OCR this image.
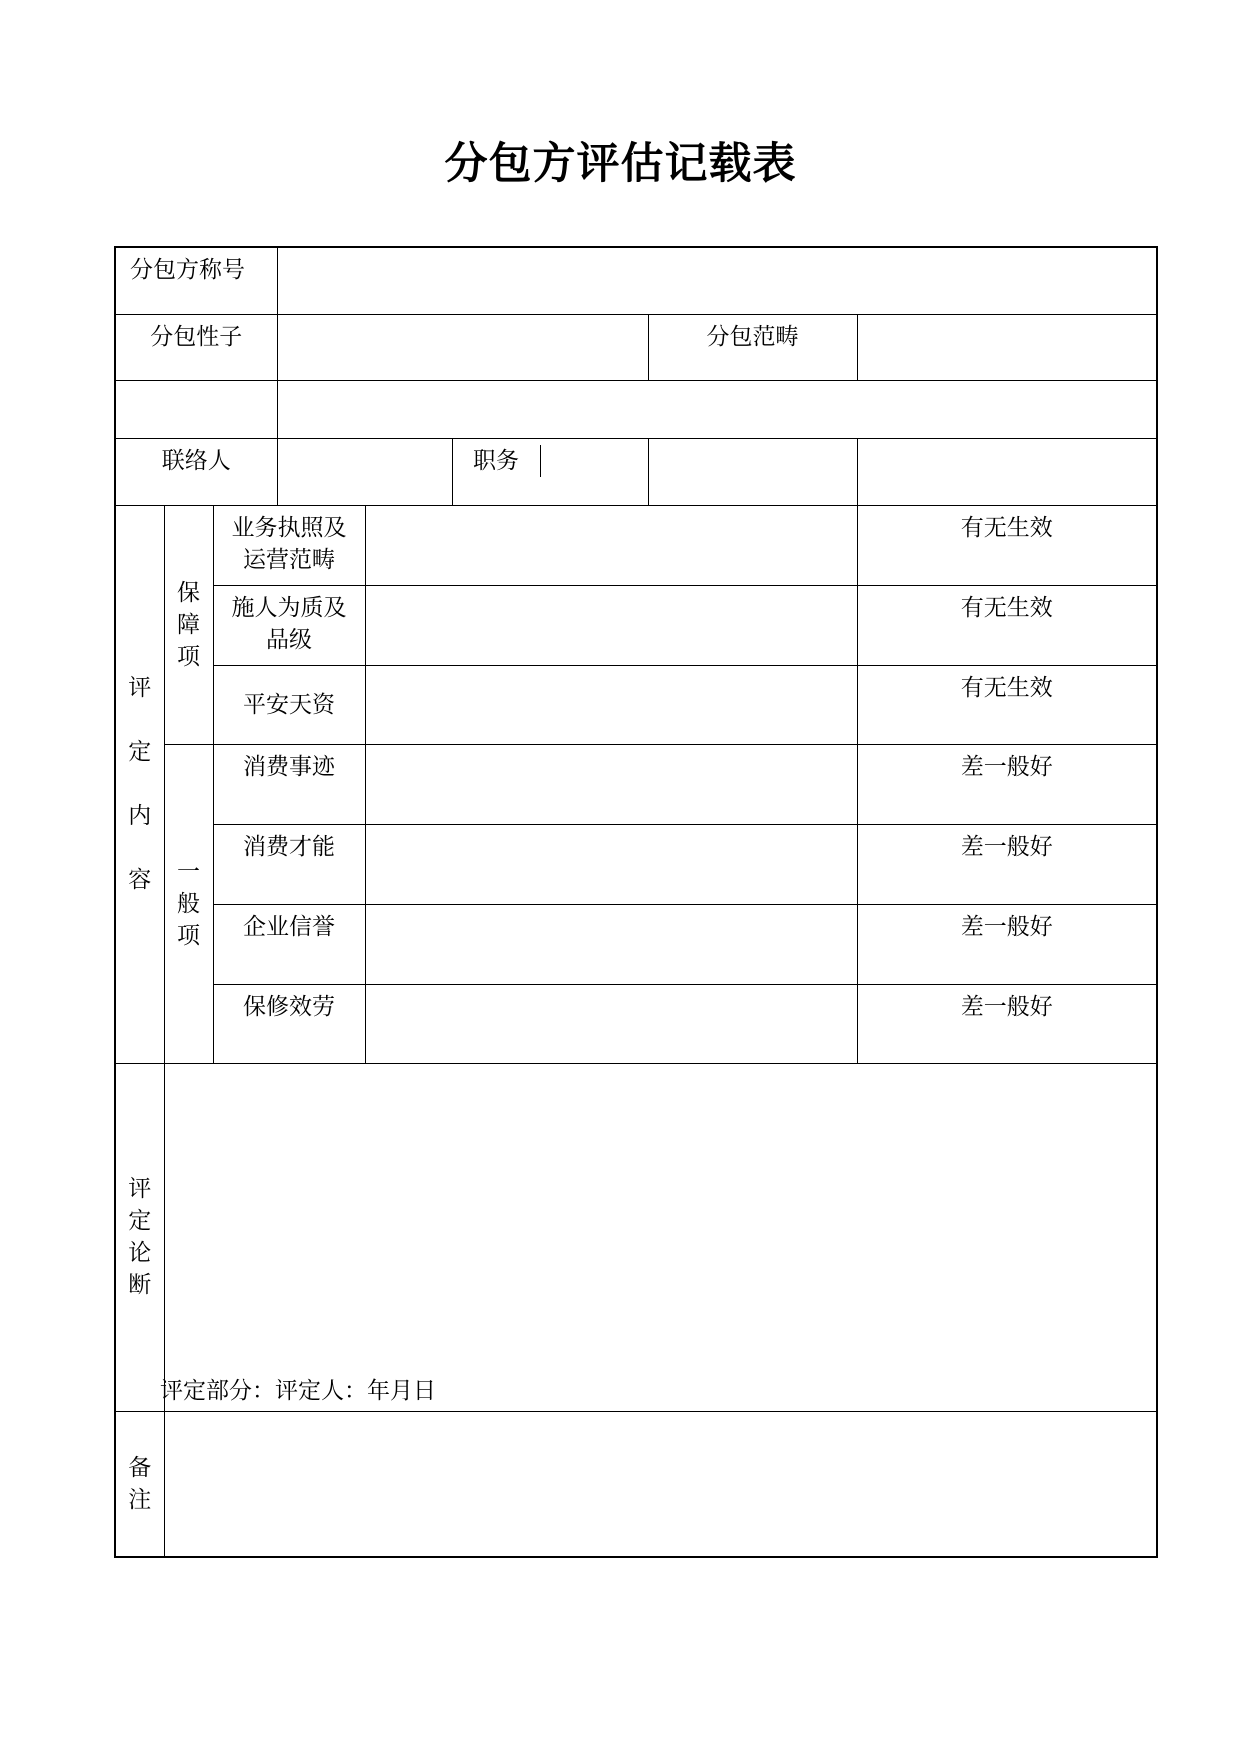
分包方评估记载表
分包方称号							
分包性子						分包范畴	

联络人					职务		

评定内容	保障项	业务执照及运营范畴					有无生效
		施人为质及品级					有无生效
		平安天资					有无生效
	一般项	消费事迹					差一般好
		消费才能					差一般好
		企业信誉					差一般好
		保修效劳					差一般好
评定论断							
备注							
评定部分：评定人：年月日
